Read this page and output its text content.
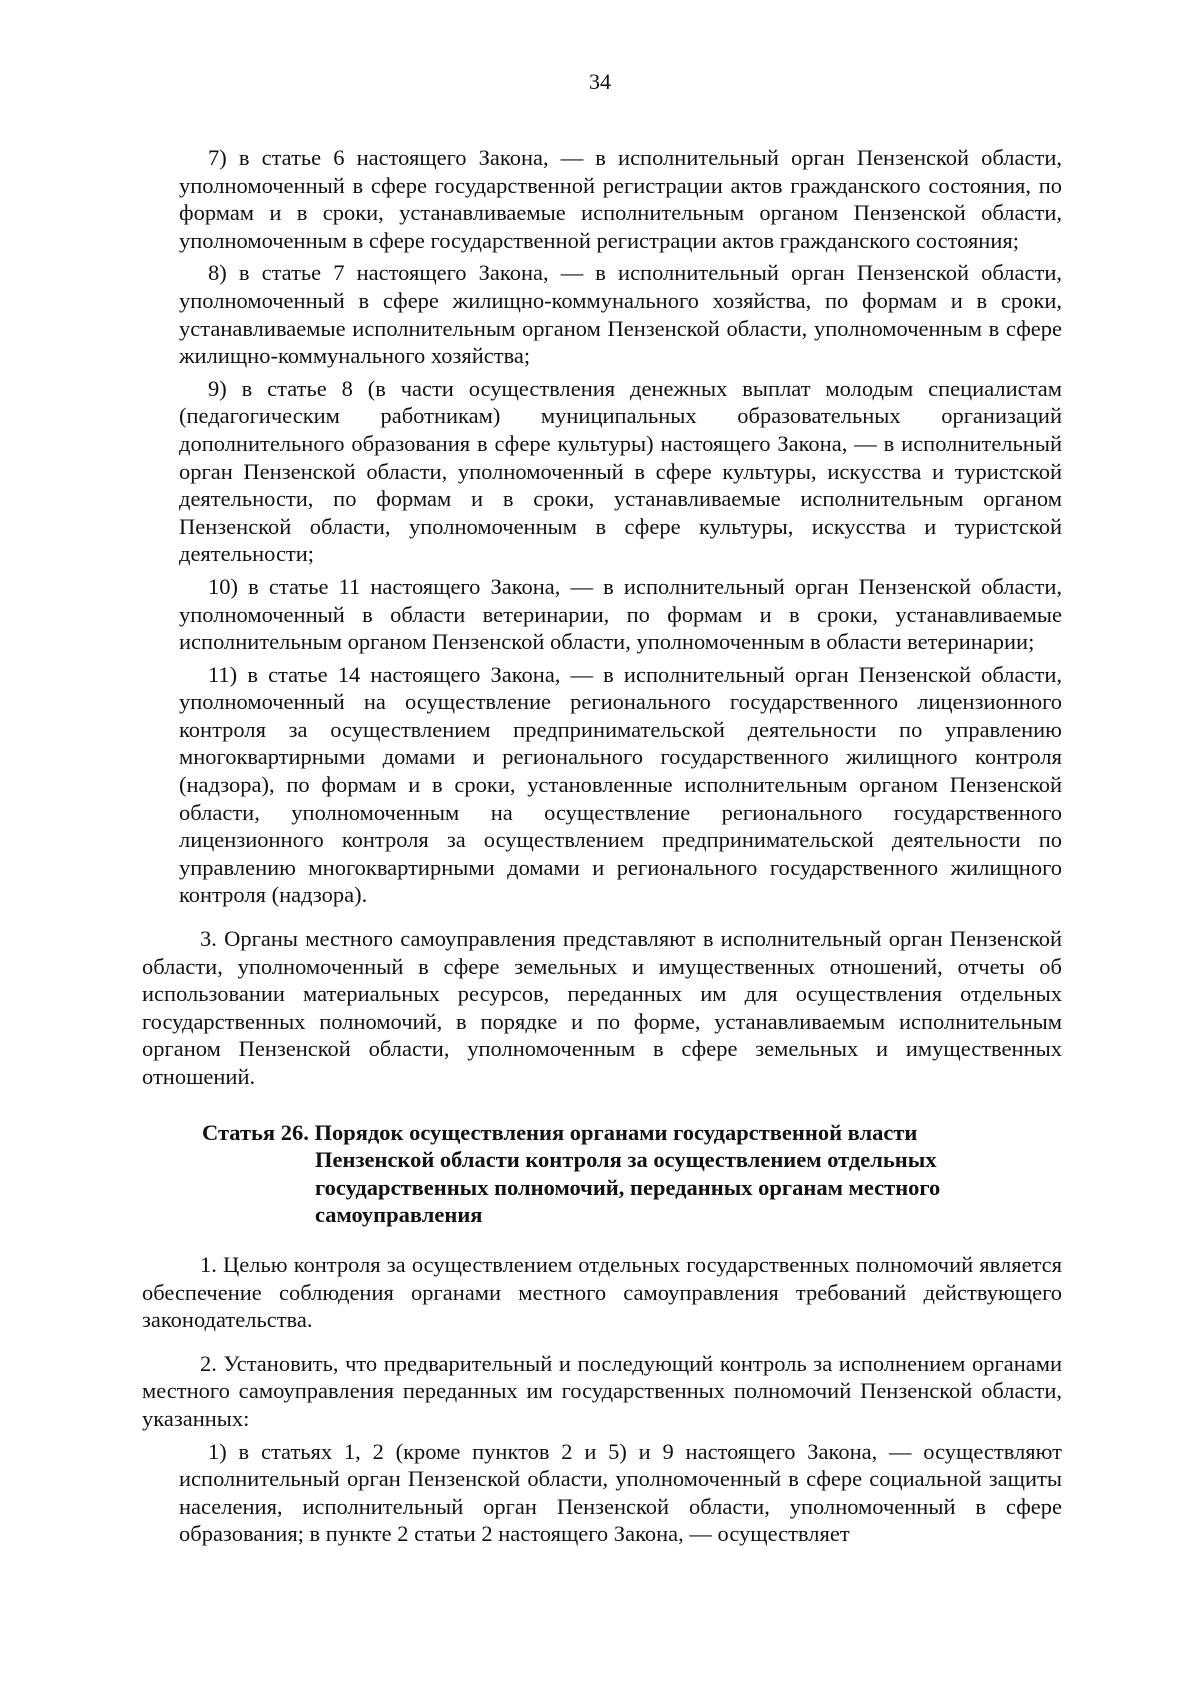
34

7) в статье 6 настоящего Закона, — в исполнительный орган Пензенской области, уполномоченный в сфере государственной регистрации актов гражданского состояния, по формам и в сроки, устанавливаемые исполнительным органом Пензенской области, уполномоченным в сфере государственной регистрации актов гражданского состояния;

8) в статье 7 настоящего Закона, — в исполнительный орган Пензенской области, уполномоченный в сфере жилищно-коммунального хозяйства, по формам и в сроки, устанавливаемые исполнительным органом Пензенской области, уполномоченным в сфере жилищно-коммунального хозяйства;

9) в статье 8 (в части осуществления денежных выплат молодым специалистам (педагогическим работникам) муниципальных образовательных организаций дополнительного образования в сфере культуры) настоящего Закона, — в исполнительный орган Пензенской области, уполномоченный в сфере культуры, искусства и туристской деятельности, по формам и в сроки, устанавливаемые исполнительным органом Пензенской области, уполномоченным в сфере культуры, искусства и туристской деятельности;

10) в статье 11 настоящего Закона, — в исполнительный орган Пензенской области, уполномоченный в области ветеринарии, по формам и в сроки, устанавливаемые исполнительным органом Пензенской области, уполномоченным в области ветеринарии;

11) в статье 14 настоящего Закона, — в исполнительный орган Пензенской области, уполномоченный на осуществление регионального государственного лицензионного контроля за осуществлением предпринимательской деятельности по управлению многоквартирными домами и регионального государственного жилищного контроля (надзора), по формам и в сроки, установленные исполнительным органом Пензенской области, уполномоченным на осуществление регионального государственного лицензионного контроля за осуществлением предпринимательской деятельности по управлению многоквартирными домами и регионального государственного жилищного контроля (надзора).

3. Органы местного самоуправления представляют в исполнительный орган Пензенской области, уполномоченный в сфере земельных и имущественных отношений, отчеты об использовании материальных ресурсов, переданных им для осуществления отдельных государственных полномочий, в порядке и по форме, устанавливаемым исполнительным органом Пензенской области, уполномоченным в сфере земельных и имущественных отношений.

Статья 26. Порядок осуществления органами государственной власти
Пензенской области контроля за осуществлением отдельных
государственных полномочий, переданных органам местного
самоуправления

1. Целью контроля за осуществлением отдельных государственных полномочий является обеспечение соблюдения органами местного самоуправления требований действующего законодательства.

2. Установить, что предварительный и последующий контроль за исполнением органами местного самоуправления переданных им государственных полномочий Пензенской области, указанных:

1) в статьях 1, 2 (кроме пунктов 2 и 5) и 9 настоящего Закона, — осуществляют исполнительный орган Пензенской области, уполномоченный в сфере социальной защиты населения, исполнительный орган Пензенской области, уполномоченный в сфере образования; в пункте 2 статьи 2 настоящего Закона, — осуществляет
